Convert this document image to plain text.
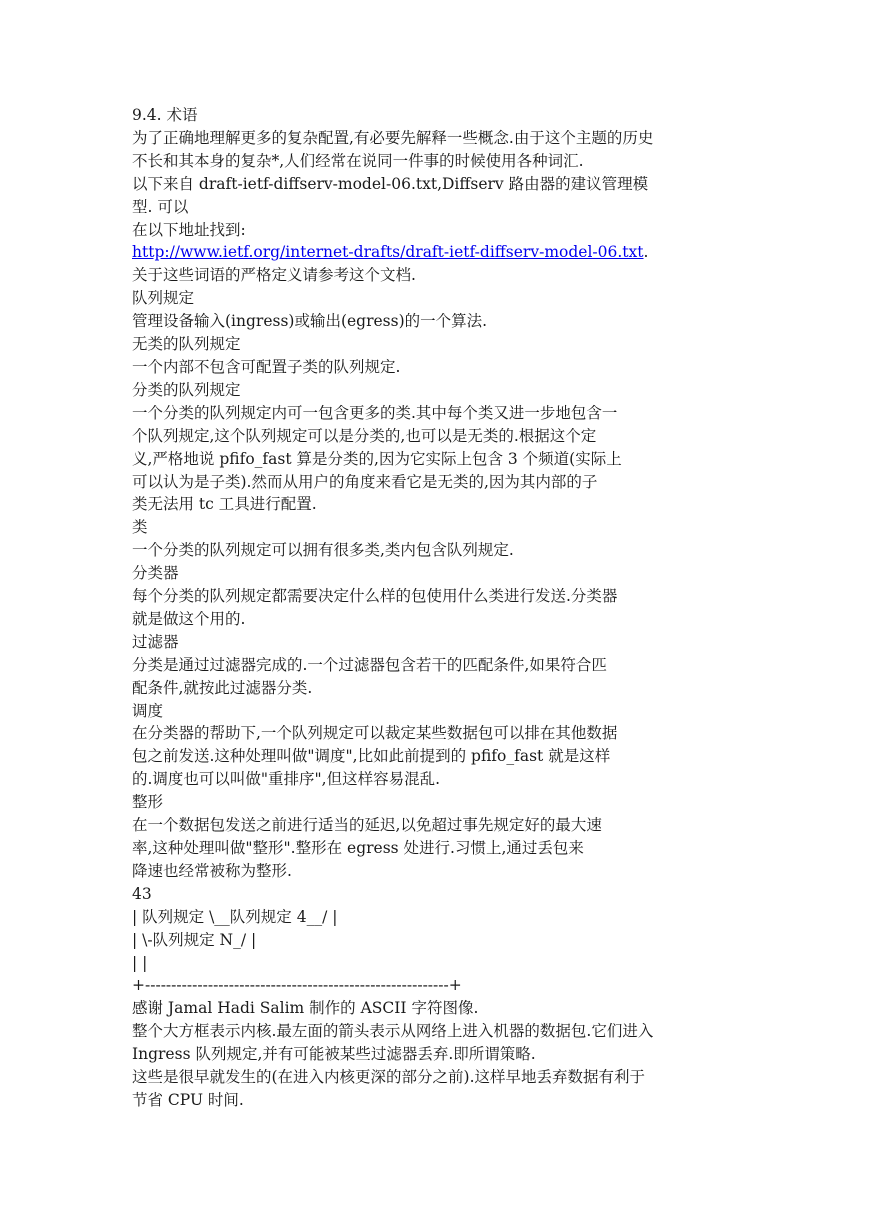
9.4. 术语
为了正确地理解更多的复杂配置,有必要先解释一些概念.由于这个主题的历史
不长和其本身的复杂*,人们经常在说同一件事的时候使用各种词汇.
以下来自 draft-ietf-diffserv-model-06.txt,Diffserv 路由器的建议管理模
型. 可以
在以下地址找到:
http://www.ietf.org/internet-drafts/draft-ietf-diffserv-model-06.txt.
关于这些词语的严格定义请参考这个文档.
队列规定
管理设备输入(ingress)或输出(egress)的一个算法.
无类的队列规定
一个内部不包含可配置子类的队列规定.
分类的队列规定
一个分类的队列规定内可一包含更多的类.其中每个类又进一步地包含一
个队列规定,这个队列规定可以是分类的,也可以是无类的.根据这个定
义,严格地说 pfifo_fast 算是分类的,因为它实际上包含 3 个频道(实际上
可以认为是子类).然而从用户的角度来看它是无类的,因为其内部的子
类无法用 tc 工具进行配置.
类
一个分类的队列规定可以拥有很多类,类内包含队列规定.
分类器
每个分类的队列规定都需要决定什么样的包使用什么类进行发送.分类器
就是做这个用的.
过滤器
分类是通过过滤器完成的.一个过滤器包含若干的匹配条件,如果符合匹
配条件,就按此过滤器分类.
调度
在分类器的帮助下,一个队列规定可以裁定某些数据包可以排在其他数据
包之前发送.这种处理叫做"调度",比如此前提到的 pfifo_fast 就是这样
的.调度也可以叫做"重排序",但这样容易混乱.
整形
在一个数据包发送之前进行适当的延迟,以免超过事先规定好的最大速
率,这种处理叫做"整形".整形在 egress 处进行.习惯上,通过丢包来
降速也经常被称为整形.
43
| 队列规定 \__队列规定 4__/ |
| \-队列规定 N_/ |
| |
+----------------------------------------------------------+
感谢 Jamal Hadi Salim 制作的 ASCII 字符图像.
整个大方框表示内核.最左面的箭头表示从网络上进入机器的数据包.它们进入
Ingress 队列规定,并有可能被某些过滤器丢弃.即所谓策略.
这些是很早就发生的(在进入内核更深的部分之前).这样早地丢弃数据有利于
节省 CPU 时间.
